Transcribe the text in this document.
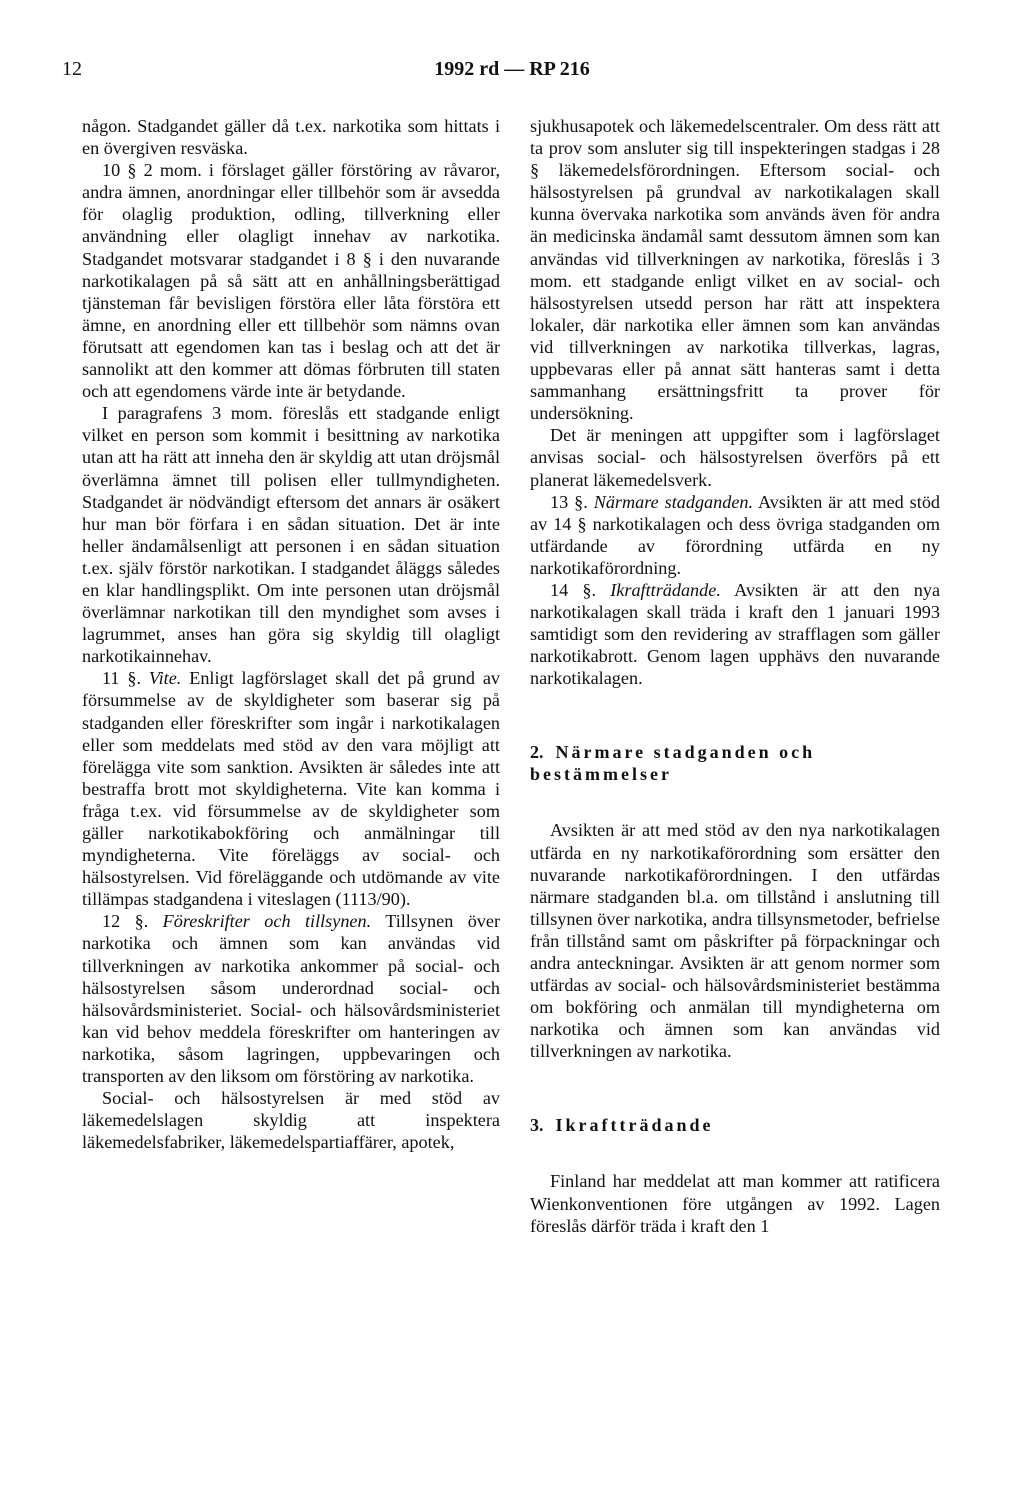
12	1992 rd — RP 216

någon. Stadgandet gäller då t.ex. narkotika som hittats i en övergiven resväska.

10 § 2 mom. i förslaget gäller förstöring av råvaror, andra ämnen, anordningar eller tillbehör som är avsedda för olaglig produktion, odling, tillverkning eller användning eller olagligt innehav av narkotika. Stadgandet motsvarar stadgandet i 8 § i den nuvarande narkotikalagen på så sätt att en anhållningsberättigad tjänsteman får bevisligen förstöra eller låta förstöra ett ämne, en anordning eller ett tillbehör som nämns ovan förutsatt att egendomen kan tas i beslag och att det är sannolikt att den kommer att dömas förbruten till staten och att egendomens värde inte är betydande.

I paragrafens 3 mom. föreslås ett stadgande enligt vilket en person som kommit i besittning av narkotika utan att ha rätt att inneha den är skyldig att utan dröjsmål överlämna ämnet till polisen eller tullmyndigheten. Stadgandet är nödvändigt eftersom det annars är osäkert hur man bör förfara i en sådan situation. Det är inte heller ändamålsenligt att personen i en sådan situation t.ex. själv förstör narkotikan. I stadgandet åläggs således en klar handlingsplikt. Om inte personen utan dröjsmål överlämnar narkotikan till den myndighet som avses i lagrummet, anses han göra sig skyldig till olagligt narkotikainnehav.

11 §. Vite. Enligt lagförslaget skall det på grund av försummelse av de skyldigheter som baserar sig på stadganden eller föreskrifter som ingår i narkotikalagen eller som meddelats med stöd av den vara möjligt att förelägga vite som sanktion. Avsikten är således inte att bestraffa brott mot skyldigheterna. Vite kan komma i fråga t.ex. vid försummelse av de skyldigheter som gäller narkotikabokföring och anmälningar till myndigheterna. Vite föreläggs av social- och hälsostyrelsen. Vid föreläggande och utdömande av vite tillämpas stadgandena i viteslagen (1113/90).

12 §. Föreskrifter och tillsynen. Tillsynen över narkotika och ämnen som kan användas vid tillverkningen av narkotika ankommer på social- och hälsostyrelsen såsom underordnad social- och hälsovårdsministeriet. Social- och hälsovårdsministeriet kan vid behov meddela föreskrifter om hanteringen av narkotika, såsom lagringen, uppbevaringen och transporten av den liksom om förstöring av narkotika.

Social- och hälsostyrelsen är med stöd av läkemedelslagen skyldig att inspektera läkemedelsfabriker, läkemedelspartiaffärer, apotek,

sjukhusapotek och läkemedelscentraler. Om dess rätt att ta prov som ansluter sig till inspekteringen stadgas i 28 § läkemedelsförordningen. Eftersom social- och hälsostyrelsen på grundval av narkotikalagen skall kunna övervaka narkotika som används även för andra än medicinska ändamål samt dessutom ämnen som kan användas vid tillverkningen av narkotika, föreslås i 3 mom. ett stadgande enligt vilket en av social- och hälsostyrelsen utsedd person har rätt att inspektera lokaler, där narkotika eller ämnen som kan användas vid tillverkningen av narkotika tillverkas, lagras, uppbevaras eller på annat sätt hanteras samt i detta sammanhang ersättningsfritt ta prover för undersökning.

Det är meningen att uppgifter som i lagförslaget anvisas social- och hälsostyrelsen överförs på ett planerat läkemedelsverk.

13 §. Närmare stadganden. Avsikten är att med stöd av 14 § narkotikalagen och dess övriga stadganden om utfärdande av förordning utfärda en ny narkotikaförordning.

14 §. Ikraftträdande. Avsikten är att den nya narkotikalagen skall träda i kraft den 1 januari 1993 samtidigt som den revidering av strafflagen som gäller narkotikabrott. Genom lagen upphävs den nuvarande narkotikalagen.

2. Närmare stadganden och
bestämmelser

Avsikten är att med stöd av den nya narkotikalagen utfärda en ny narkotikaförordning som ersätter den nuvarande narkotikaförordningen. I den utfärdas närmare stadganden bl.a. om tillstånd i anslutning till tillsynen över narkotika, andra tillsynsmetoder, befrielse från tillstånd samt om påskrifter på förpackningar och andra anteckningar. Avsikten är att genom normer som utfärdas av social- och hälsovårdsministeriet bestämma om bokföring och anmälan till myndigheterna om narkotika och ämnen som kan användas vid tillverkningen av narkotika.

3. Ikraftträdande

Finland har meddelat att man kommer att ratificera Wienkonventionen före utgången av 1992. Lagen föreslås därför träda i kraft den 1
